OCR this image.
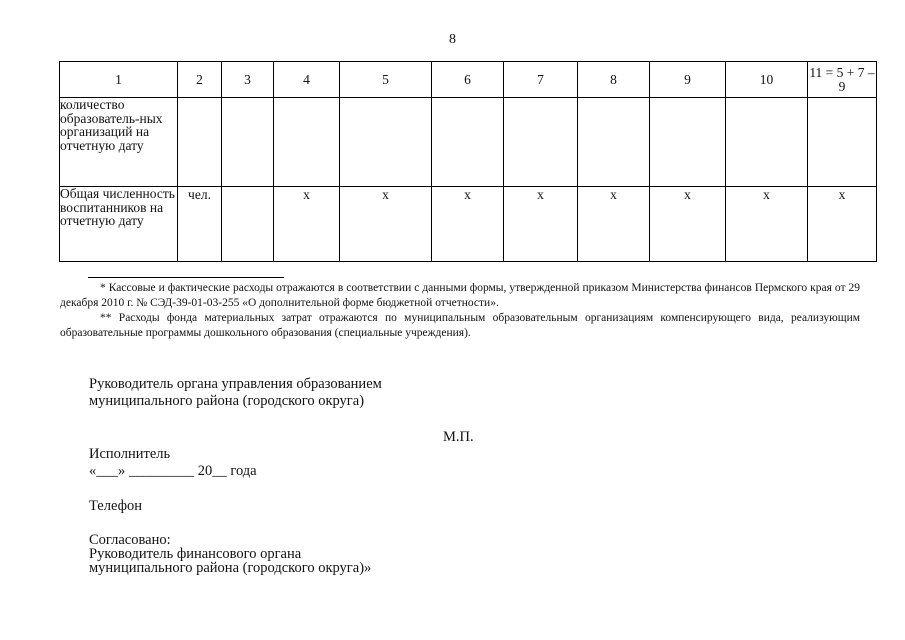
8
1	2	3	4	5	6	7	8	9	10	11 = 5 + 7 – 9
количество образователь-ных организаций на отчетную дату										
Общая численность воспитанников на отчетную дату	чел.		х	х	х	х	х	х	х	х
* Кассовые и фактические расходы отражаются в соответствии с данными формы, утвержденной приказом Министерства финансов Пермского края от 29 декабря 2010 г. № СЭД-39-01-03-255 «О дополнительной форме бюджетной отчетности».
** Расходы фонда материальных затрат отражаются по муниципальным образовательным организациям компенсирующего вида, реализующим образовательные программы дошкольного образования (специальные учреждения).
Руководитель органа управления образованием
муниципального района (городского округа)
М.П.
Исполнитель
«___» _________ 20__ года
Телефон
Согласовано:
Руководитель финансового органа
муниципального района (городского округа)»
